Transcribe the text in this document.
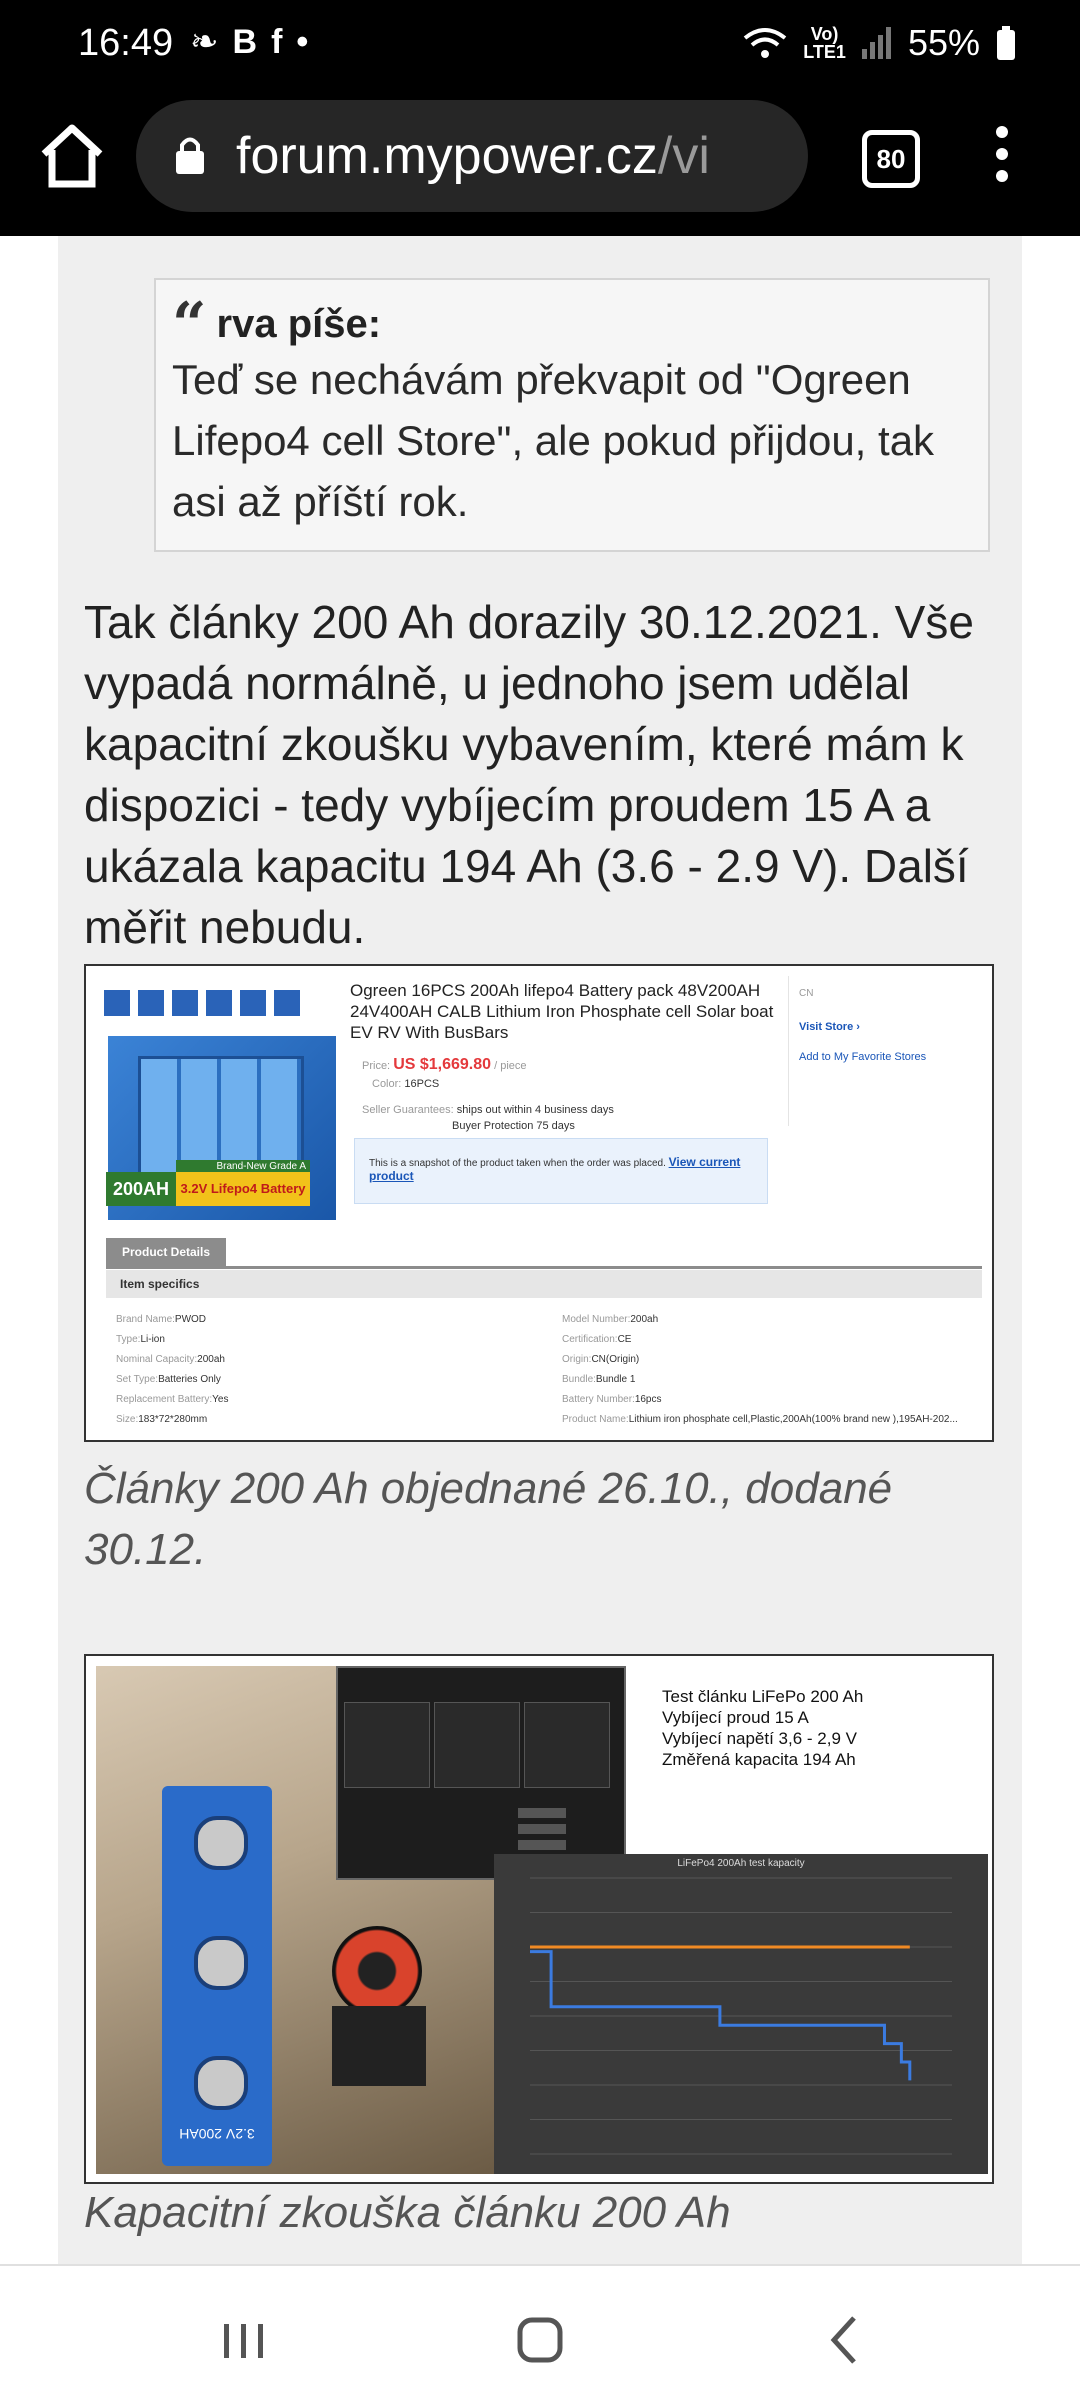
16:49 ❧Bf•	Vo)
LTE1 55%
forum.mypower.cz/vi	80
“ rva píše:
Teď se nechávám překvapit od "Ogreen Lifepo4 cell Store", ale pokud přijdou, tak asi až příští rok.
Tak články 200 Ah dorazily 30.12.2021. Vše vypadá normálně, u jednoho jsem udělal kapacitní zkoušku vybavením, které mám k dispozici - tedy vybíjecím proudem 15 A a ukázala kapacitu 194 Ah (3.6 - 2.9 V). Další měřit nebudu.
Brand-New Grade A
200AH 3.2V Lifepo4 Battery
Ogreen 16PCS 200Ah lifepo4 Battery pack 48V200AH 24V400AH CALB Lithium Iron Phosphate cell Solar boat EV RV With BusBars
Price: US $1,669.80 / piece
Color: 16PCS
Seller Guarantees: ships out within 4 business days
Buyer Protection 75 days
This is a snapshot of the product taken when the order was placed. View current product
CN
Visit Store ›
Add to My Favorite Stores
Product Details
Item specifics
Brand Name:PWOD
Type:Li-ion
Nominal Capacity:200ah
Set Type:Batteries Only
Replacement Battery:Yes
Size:183*72*280mm
Model Number:200ah
Certification:CE
Origin:CN(Origin)
Bundle:Bundle 1
Battery Number:16pcs
Product Name:Lithium iron phosphate cell,Plastic,200Ah(100% brand new ),195AH-202...
Články 200 Ah objednané 26.10., dodané 30.12.
3.2V 200AH
Test článku LiFePo 200 Ah
Vybíjecí proud 15 A
Vybíjecí napětí 3,6 - 2,9 V
Změřená kapacita 194 Ah
LiFePo4 200Ah test kapacity
Kapacitní zkouška článku 200 Ah
